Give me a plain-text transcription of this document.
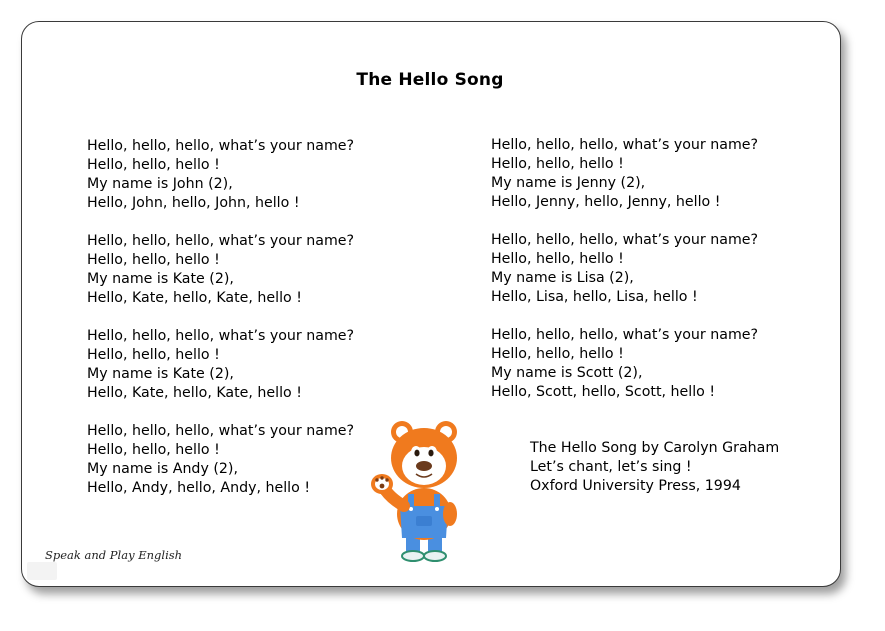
The Hello Song
Hello, hello, hello, what’s your name?
Hello, hello, hello !
My name is John (2),
Hello, John, hello, John, hello !
Hello, hello, hello, what’s your name?
Hello, hello, hello !
My name is Kate (2),
Hello, Kate, hello, Kate, hello !
Hello, hello, hello, what’s your name?
Hello, hello, hello !
My name is Kate (2),
Hello, Kate, hello, Kate, hello !
Hello, hello, hello, what’s your name?
Hello, hello, hello !
My name is Andy (2),
Hello, Andy, hello, Andy, hello !
Hello, hello, hello, what’s your name?
Hello, hello, hello !
My name is Jenny (2),
Hello, Jenny, hello, Jenny, hello !
Hello, hello, hello, what’s your name?
Hello, hello, hello !
My name is Lisa (2),
Hello, Lisa, hello, Lisa, hello !
Hello, hello, hello, what’s your name?
Hello, hello, hello !
My name is Scott (2),
Hello, Scott, hello, Scott, hello !
The Hello Song by Carolyn Graham
Let’s chant, let’s sing !
Oxford University Press, 1994
Speak and Play English
